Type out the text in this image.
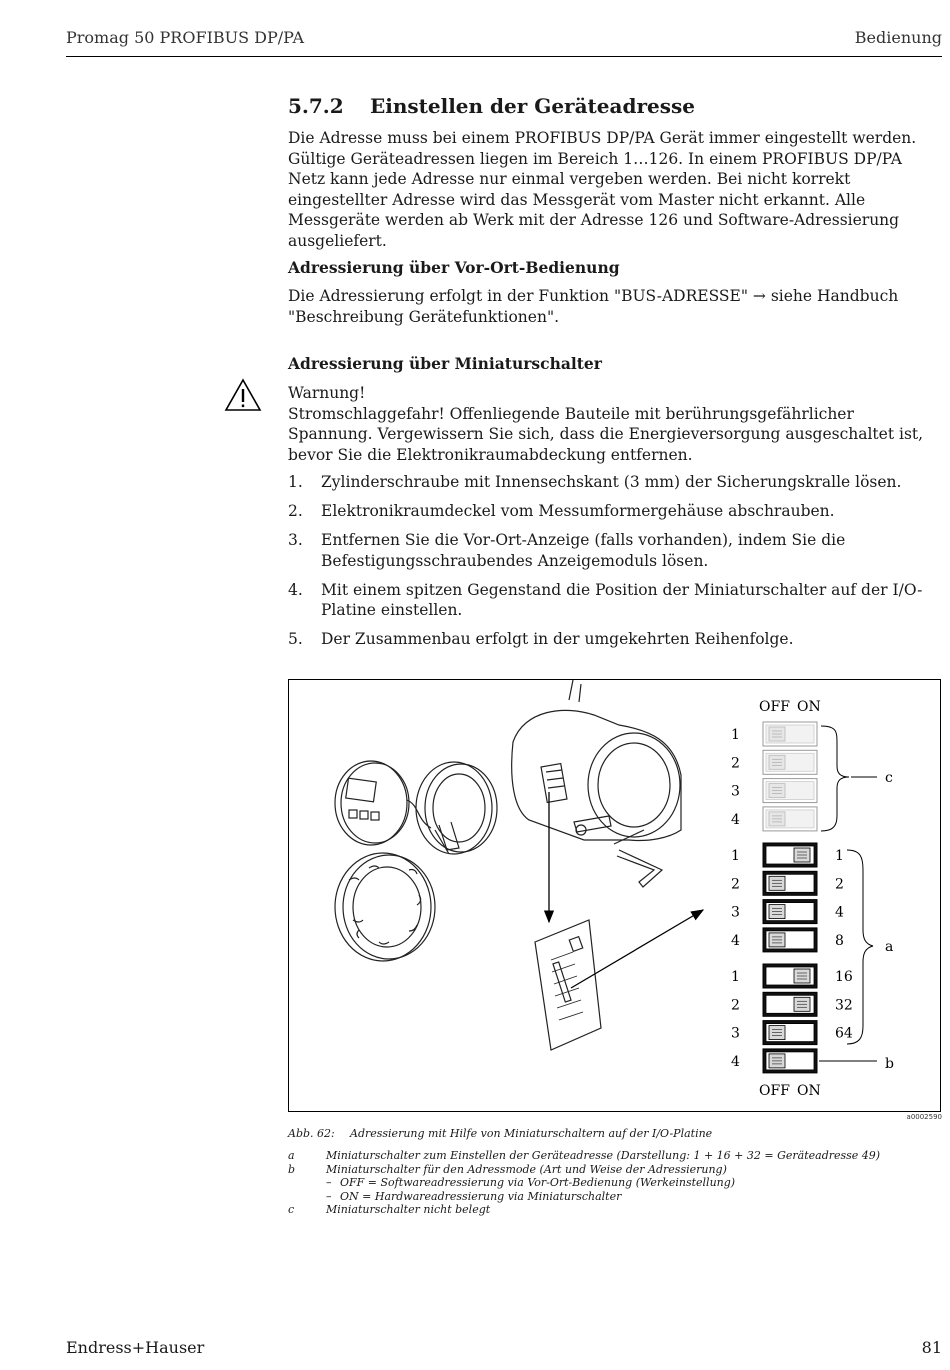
Promag 50 PROFIBUS DP/PA	Bedienung
5.7.2	Einstellen der Geräteadresse

Die Adresse muss bei einem PROFIBUS DP/PA Gerät immer eingestellt werden.

Gültige Geräteadressen liegen im Bereich 1…126. In einem PROFIBUS DP/PA Netz kann jede Adresse nur einmal vergeben werden. Bei nicht korrekt eingestellter Adresse wird das Messgerät vom Master nicht erkannt. Alle Messgeräte werden ab Werk mit der Adresse 126 und Software-Adressierung ausgeliefert.

Adressierung über Vor-Ort-Bedienung
Die Adressierung erfolgt in der Funktion "BUS-ADRESSE" → siehe Handbuch "Beschreibung Gerätefunktionen".
Adressierung über Miniaturschalter

Warnung!

Stromschlaggefahr! Offenliegende Bauteile mit berührungsgefährlicher Spannung. Vergewissern Sie sich, dass die Energieversorgung ausgeschaltet ist, bevor Sie die Elektronikraumabdeckung entfernen.

1.	Zylinderschraube mit Innensechskant (3 mm) der Sicherungskralle lösen.
2.	Elektronikraumdeckel vom Messumformergehäuse abschrauben.
3.	Entfernen Sie die Vor-Ort-Anzeige (falls vorhanden), indem Sie die Befestigungsschraubendes Anzeigemoduls lösen.
4.	Mit einem spitzen Gegenstand die Position der Miniaturschalter auf der I/O-Platine einstellen.
5.	Der Zusammenbau erfolgt in der umgekehrten Reihenfolge.
OFF ON
OFF ON
1
2
3
4
1	1
2	2
3	4
4	8
1	16
2	32
3	64
4
c
a
b
a0002590
Abb. 62:	Adressierung mit Hilfe von Miniaturschaltern auf der I/O-Platine
a	Miniaturschalter zum Einstellen der Geräteadresse (Darstellung: 1 + 16 + 32 = Geräteadresse 49)
b	Miniaturschalter für den Adressmode (Art und Weise der Adressierung)
– OFF = Softwareadressierung via Vor-Ort-Bedienung (Werkeinstellung)
– ON = Hardwareadressierung via Miniaturschalter
c	Miniaturschalter nicht belegt
Endress+Hauser	81
